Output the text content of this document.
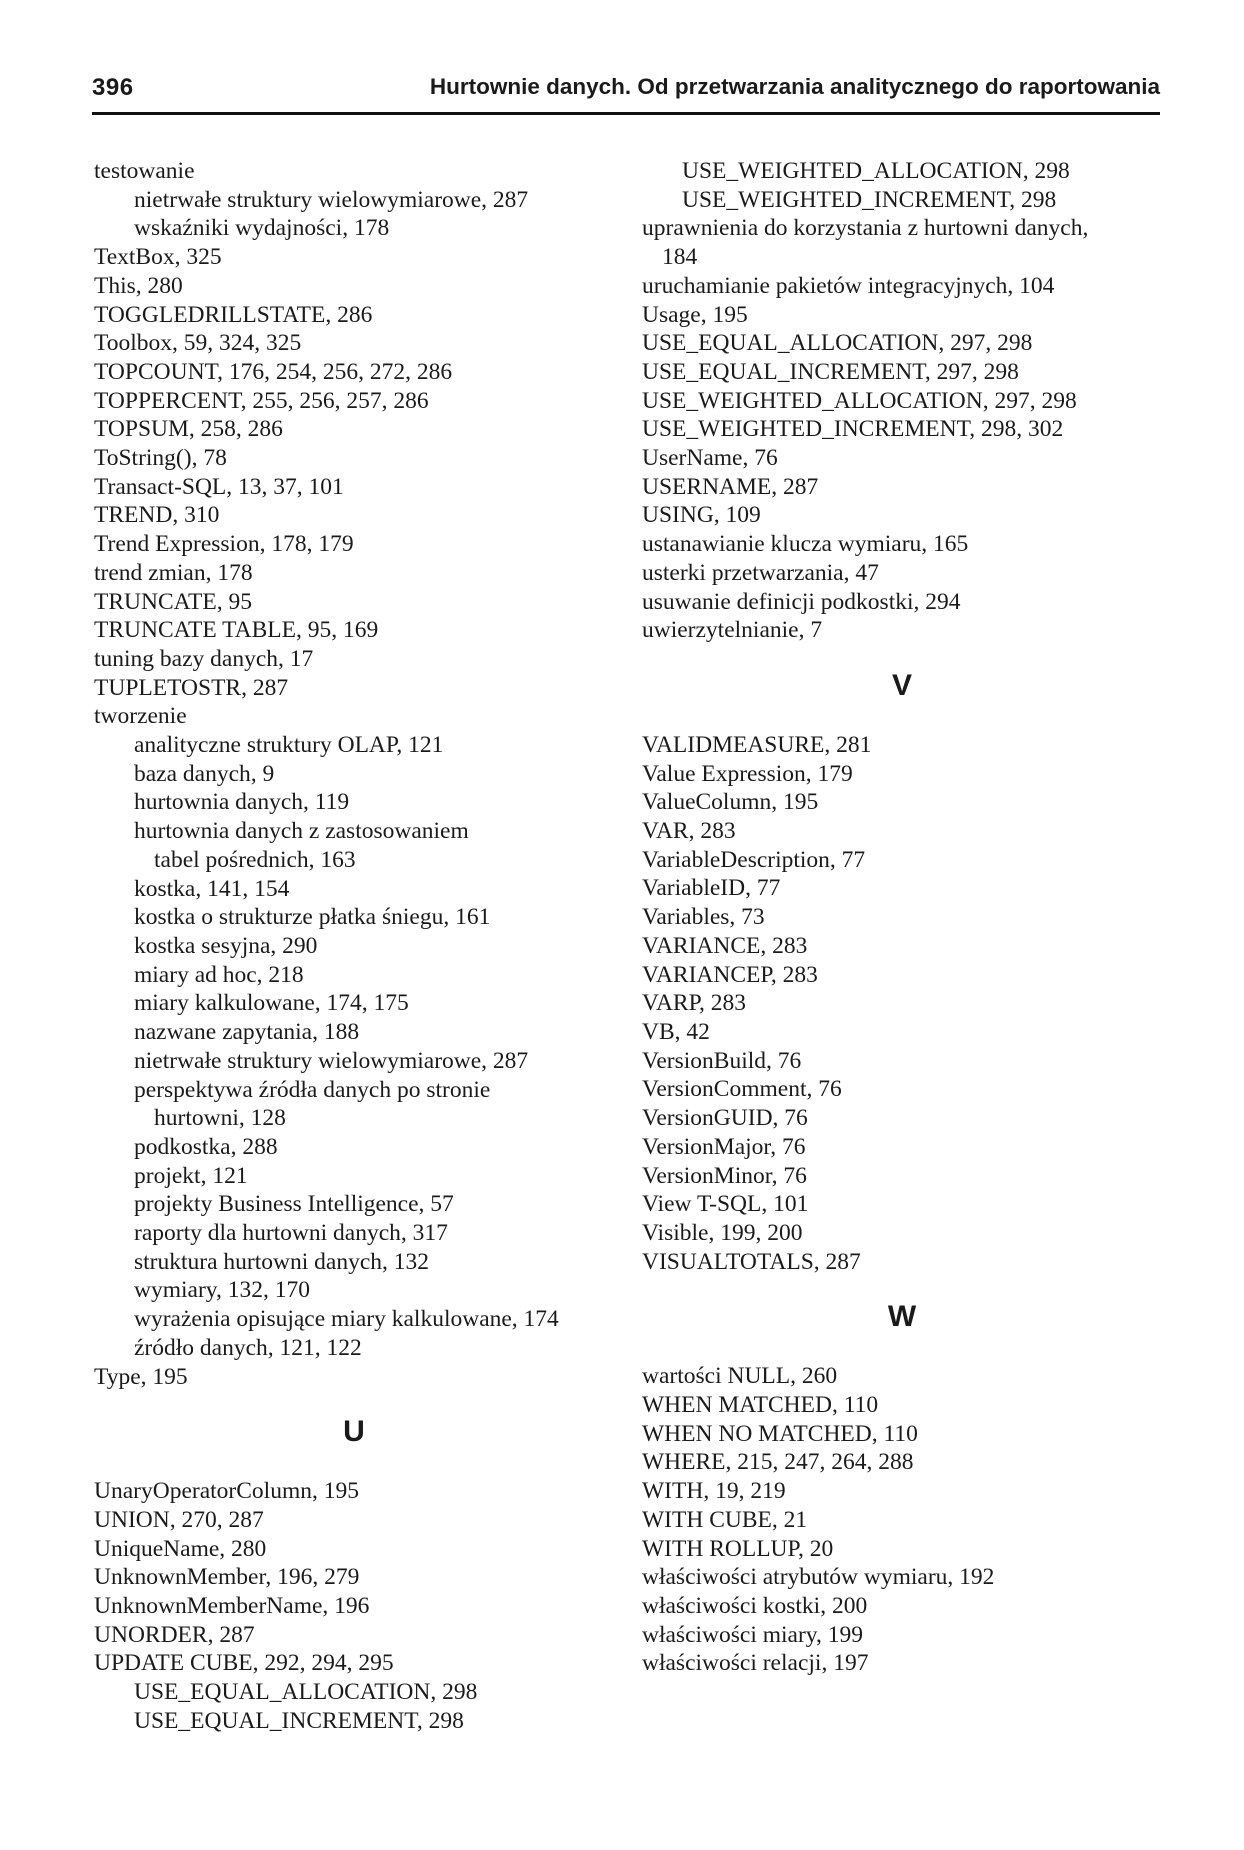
396	Hurtownie danych. Od przetwarzania analitycznego do raportowania
testowanie
nietrwałe struktury wielowymiarowe, 287
wskaźniki wydajności, 178
TextBox, 325
This, 280
TOGGLEDRILLSTATE, 286
Toolbox, 59, 324, 325
TOPCOUNT, 176, 254, 256, 272, 286
TOPPERCENT, 255, 256, 257, 286
TOPSUM, 258, 286
ToString(), 78
Transact-SQL, 13, 37, 101
TREND, 310
Trend Expression, 178, 179
trend zmian, 178
TRUNCATE, 95
TRUNCATE TABLE, 95, 169
tuning bazy danych, 17
TUPLETOSTR, 287
tworzenie
analityczne struktury OLAP, 121
baza danych, 9
hurtownia danych, 119
hurtownia danych z zastosowaniem
tabel pośrednich, 163
kostka, 141, 154
kostka o strukturze płatka śniegu, 161
kostka sesyjna, 290
miary ad hoc, 218
miary kalkulowane, 174, 175
nazwane zapytania, 188
nietrwałe struktury wielowymiarowe, 287
perspektywa źródła danych po stronie
hurtowni, 128
podkostka, 288
projekt, 121
projekty Business Intelligence, 57
raporty dla hurtowni danych, 317
struktura hurtowni danych, 132
wymiary, 132, 170
wyrażenia opisujące miary kalkulowane, 174
źródło danych, 121, 122
Type, 195
U
UnaryOperatorColumn, 195
UNION, 270, 287
UniqueName, 280
UnknownMember, 196, 279
UnknownMemberName, 196
UNORDER, 287
UPDATE CUBE, 292, 294, 295
USE_EQUAL_ALLOCATION, 298
USE_EQUAL_INCREMENT, 298
USE_WEIGHTED_ALLOCATION, 298
USE_WEIGHTED_INCREMENT, 298
uprawnienia do korzystania z hurtowni danych,
184
uruchamianie pakietów integracyjnych, 104
Usage, 195
USE_EQUAL_ALLOCATION, 297, 298
USE_EQUAL_INCREMENT, 297, 298
USE_WEIGHTED_ALLOCATION, 297, 298
USE_WEIGHTED_INCREMENT, 298, 302
UserName, 76
USERNAME, 287
USING, 109
ustanawianie klucza wymiaru, 165
usterki przetwarzania, 47
usuwanie definicji podkostki, 294
uwierzytelnianie, 7
V
VALIDMEASURE, 281
Value Expression, 179
ValueColumn, 195
VAR, 283
VariableDescription, 77
VariableID, 77
Variables, 73
VARIANCE, 283
VARIANCEP, 283
VARP, 283
VB, 42
VersionBuild, 76
VersionComment, 76
VersionGUID, 76
VersionMajor, 76
VersionMinor, 76
View T-SQL, 101
Visible, 199, 200
VISUALTOTALS, 287
W
wartości NULL, 260
WHEN MATCHED, 110
WHEN NO MATCHED, 110
WHERE, 215, 247, 264, 288
WITH, 19, 219
WITH CUBE, 21
WITH ROLLUP, 20
właściwości atrybutów wymiaru, 192
właściwości kostki, 200
właściwości miary, 199
właściwości relacji, 197
